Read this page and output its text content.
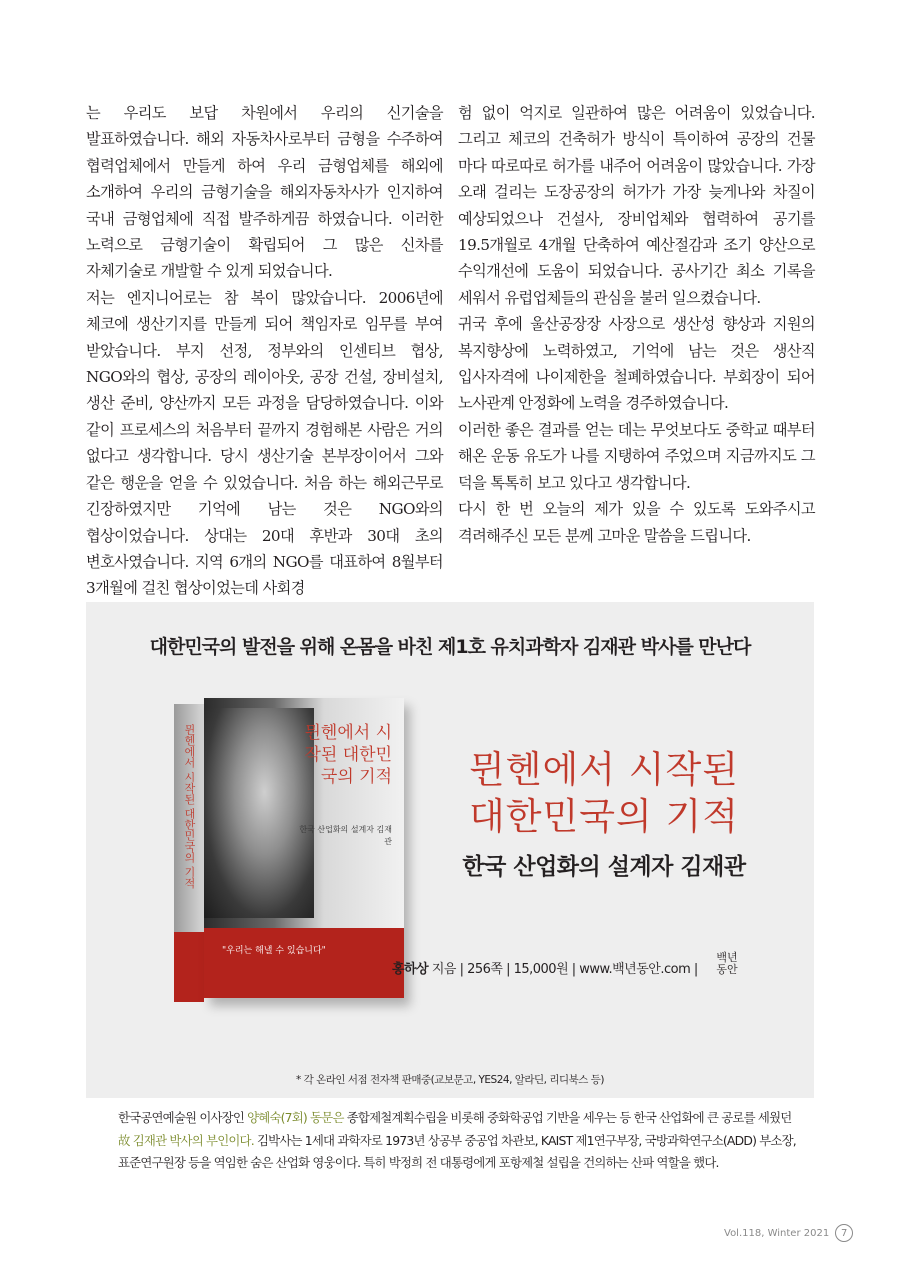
는 우리도 보답 차원에서 우리의 신기술을 발표하였습니다. 해외 자동차사로부터 금형을 수주하여 협력업체에서 만들게 하여 우리 금형업체를 해외에 소개하여 우리의 금형기술을 해외자동차사가 인지하여 국내 금형업체에 직접 발주하게끔 하였습니다. 이러한 노력으로 금형기술이 확립되어 그 많은 신차를 자체기술로 개발할 수 있게 되었습니다.

저는 엔지니어로는 참 복이 많았습니다. 2006년에 체코에 생산기지를 만들게 되어 책임자로 임무를 부여 받았습니다. 부지 선정, 정부와의 인센티브 협상, NGO와의 협상, 공장의 레이아웃, 공장 건설, 장비설치, 생산 준비, 양산까지 모든 과정을 담당하였습니다. 이와 같이 프로세스의 처음부터 끝까지 경험해본 사람은 거의 없다고 생각합니다. 당시 생산기술 본부장이어서 그와 같은 행운을 얻을 수 있었습니다. 처음 하는 해외근무로 긴장하였지만 기억에 남는 것은 NGO와의 협상이었습니다. 상대는 20대 후반과 30대 초의 변호사였습니다. 지역 6개의 NGO를 대표하여 8월부터 3개월에 걸친 협상이었는데 사회경

험 없이 억지로 일관하여 많은 어려움이 있었습니다. 그리고 체코의 건축허가 방식이 특이하여 공장의 건물 마다 따로따로 허가를 내주어 어려움이 많았습니다. 가장 오래 걸리는 도장공장의 허가가 가장 늦게나와 차질이 예상되었으나 건설사, 장비업체와 협력하여 공기를 19.5개월로 4개월 단축하여 예산절감과 조기 양산으로 수익개선에 도움이 되었습니다. 공사기간 최소 기록을 세워서 유럽업체들의 관심을 불러 일으켰습니다.

귀국 후에 울산공장장 사장으로 생산성 향상과 지원의 복지향상에 노력하였고, 기억에 남는 것은 생산직 입사자격에 나이제한을 철폐하였습니다. 부회장이 되어 노사관계 안정화에 노력을 경주하였습니다.

이러한 좋은 결과를 얻는 데는 무엇보다도 중학교 때부터 해온 운동 유도가 나를 지탱하여 주었으며 지금까지도 그 덕을 톡톡히 보고 있다고 생각합니다.

다시 한 번 오늘의 제가 있을 수 있도록 도와주시고 격려해주신 모든 분께 고마운 말씀을 드립니다.

대한민국의 발전을 위해 온몸을 바친 제1호 유치과학자 김재관 박사를 만난다
뮌헨에서 시작된 대한민국의 기적	뮌헨에서 시작된 대한민국의 기적
한국 산업화의 설계자 김재관
"우리는 해낼 수 있습니다"
뮌헨에서 시작된
대한민국의 기적
한국 산업화의 설계자 김재관
홍하상 지음 | 256쪽 | 15,000원 | www.백년동안.com |
백년
동안
* 각 온라인 서점 전자책 판매중(교보문고, YES24, 알라딘, 리디북스 등)
한국공연예술원 이사장인 양혜숙(7회) 동문은 종합제철계획수립을 비롯해 중화학공업 기반을 세우는 등 한국 산업화에 큰 공로를 세웠던 故 김재관 박사의 부인이다. 김박사는 1세대 과학자로 1973년 상공부 중공업 차관보, KAIST 제1연구부장, 국방과학연구소(ADD) 부소장, 표준연구원장 등을 역임한 숨은 산업화 영웅이다. 특히 박정희 전 대통령에게 포항제철 설립을 건의하는 산파 역할을 했다.
Vol.118, Winter 2021	7
